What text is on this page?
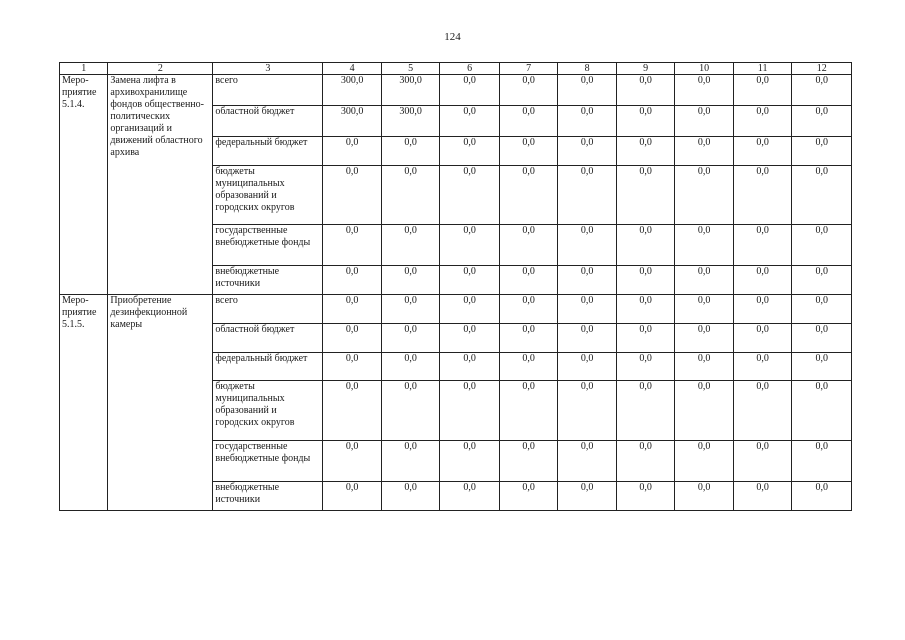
124
1	2	3	4	5	6	7	8	9	10	11	12
Меро-приятие 5.1.4.	Замена лифта в архивохранилище фондов общественно-политических организаций и движений областного архива	всего	300,0	300,0	0,0	0,0	0,0	0,0	0,0	0,0	0,0
		областной бюджет	300,0	300,0	0,0	0,0	0,0	0,0	0,0	0,0	0,0
		федеральный бюджет	0,0	0,0	0,0	0,0	0,0	0,0	0,0	0,0	0,0
		бюджеты муниципальных образований и городских округов	0,0	0,0	0,0	0,0	0,0	0,0	0,0	0,0	0,0
		государственные внебюджетные фонды	0,0	0,0	0,0	0,0	0,0	0,0	0,0	0,0	0,0
		внебюджетные источники	0,0	0,0	0,0	0,0	0,0	0,0	0,0	0,0	0,0
Меро-приятие 5.1.5.	Приобретение дезинфекционной камеры	всего	0,0	0,0	0,0	0,0	0,0	0,0	0,0	0,0	0,0
		областной бюджет	0,0	0,0	0,0	0,0	0,0	0,0	0,0	0,0	0,0
		федеральный бюджет	0,0	0,0	0,0	0,0	0,0	0,0	0,0	0,0	0,0
		бюджеты муниципальных образований и городских округов	0,0	0,0	0,0	0,0	0,0	0,0	0,0	0,0	0,0
		государственные внебюджетные фонды	0,0	0,0	0,0	0,0	0,0	0,0	0,0	0,0	0,0
		внебюджетные источники	0,0	0,0	0,0	0,0	0,0	0,0	0,0	0,0	0,0
